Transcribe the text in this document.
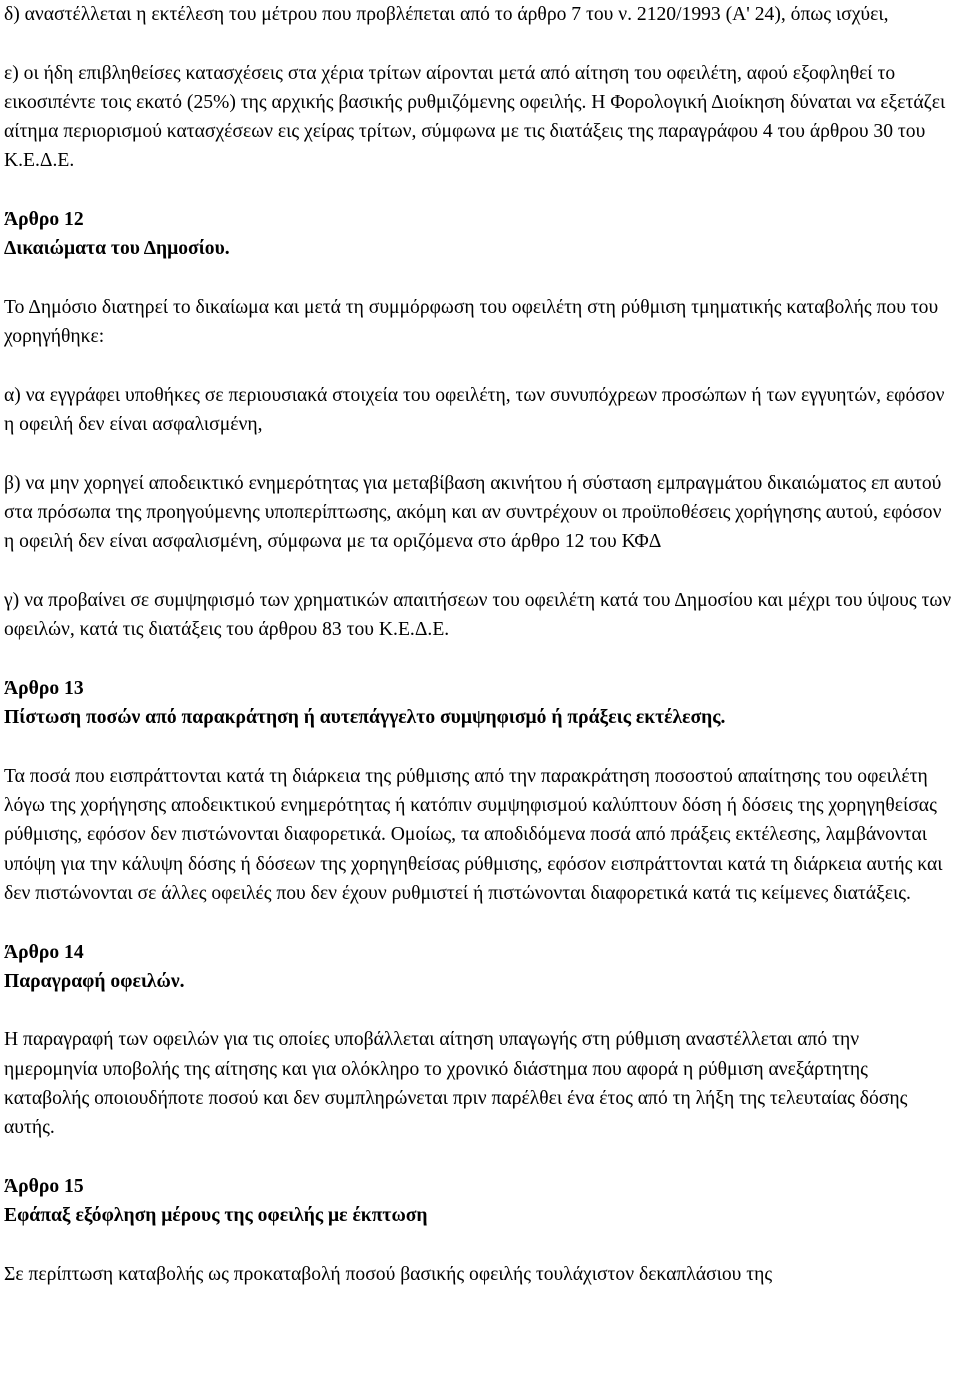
δ) αναστέλλεται η εκτέλεση του μέτρου που προβλέπεται από το άρθρο 7 του ν. 2120/1993 (Α' 24), όπως ισχύει,

ε) οι ήδη επιβληθείσες κατασχέσεις στα χέρια τρίτων αίρονται μετά από αίτηση του οφειλέτη, αφού εξοφληθεί το εικοσιπέντε τοις εκατό (25%) της αρχικής βασικής ρυθμιζόμενης οφειλής. Η Φορολογική Διοίκηση δύναται να εξετάζει αίτημα περιορισμού κατασχέσεων εις χείρας τρίτων, σύμφωνα με τις διατάξεις της παραγράφου 4 του άρθρου 30 του Κ.Ε.Δ.Ε.

Άρθρο 12

Δικαιώματα του Δημοσίου.

Το Δημόσιο διατηρεί το δικαίωμα και μετά τη συμμόρφωση του οφειλέτη στη ρύθμιση τμηματικής καταβολής που του χορηγήθηκε:

α) να εγγράφει υποθήκες σε περιουσιακά στοιχεία του οφειλέτη, των συνυπόχρεων προσώπων ή των εγγυητών, εφόσον η οφειλή δεν είναι ασφαλισμένη,

β) να μην χορηγεί αποδεικτικό ενημερότητας για μεταβίβαση ακινήτου ή σύσταση εμπραγμάτου δικαιώματος επ αυτού στα πρόσωπα της προηγούμενης υποπερίπτωσης, ακόμη και αν συντρέχουν οι προϋποθέσεις χορήγησης αυτού, εφόσον η οφειλή δεν είναι ασφαλισμένη, σύμφωνα με τα οριζόμενα στο άρθρο 12 του ΚΦΔ

γ) να προβαίνει σε συμψηφισμό των χρηματικών απαιτήσεων του οφειλέτη κατά του Δημοσίου και μέχρι του ύψους των οφειλών, κατά τις διατάξεις του άρθρου 83 του Κ.Ε.Δ.Ε.

Άρθρο 13

Πίστωση ποσών από παρακράτηση ή αυτεπάγγελτο συμψηφισμό ή πράξεις εκτέλεσης.

Τα ποσά που εισπράττονται κατά τη διάρκεια της ρύθμισης από την παρακράτηση ποσοστού απαίτησης του οφειλέτη λόγω της χορήγησης αποδεικτικού ενημερότητας ή κατόπιν συμψηφισμού καλύπτουν δόση ή δόσεις της χορηγηθείσας ρύθμισης, εφόσον δεν πιστώνονται διαφορετικά. Ομοίως, τα αποδιδόμενα ποσά από πράξεις εκτέλεσης, λαμβάνονται υπόψη για την κάλυψη δόσης ή δόσεων της χορηγηθείσας ρύθμισης, εφόσον εισπράττονται κατά τη διάρκεια αυτής και δεν πιστώνονται σε άλλες οφειλές που δεν έχουν ρυθμιστεί ή πιστώνονται διαφορετικά κατά τις κείμενες διατάξεις.

Άρθρο 14

Παραγραφή οφειλών.

Η παραγραφή των οφειλών για τις οποίες υποβάλλεται αίτηση υπαγωγής στη ρύθμιση αναστέλλεται από την ημερομηνία υποβολής της αίτησης και για ολόκληρο το χρονικό διάστημα που αφορά η ρύθμιση ανεξάρτητης καταβολής οποιουδήποτε ποσού και δεν συμπληρώνεται πριν παρέλθει ένα έτος από τη λήξη της τελευταίας δόσης αυτής.

Άρθρο 15

Εφάπαξ εξόφληση μέρους της οφειλής με έκπτωση

Σε περίπτωση καταβολής ως προκαταβολή ποσού βασικής οφειλής τουλάχιστον δεκαπλάσιου της
